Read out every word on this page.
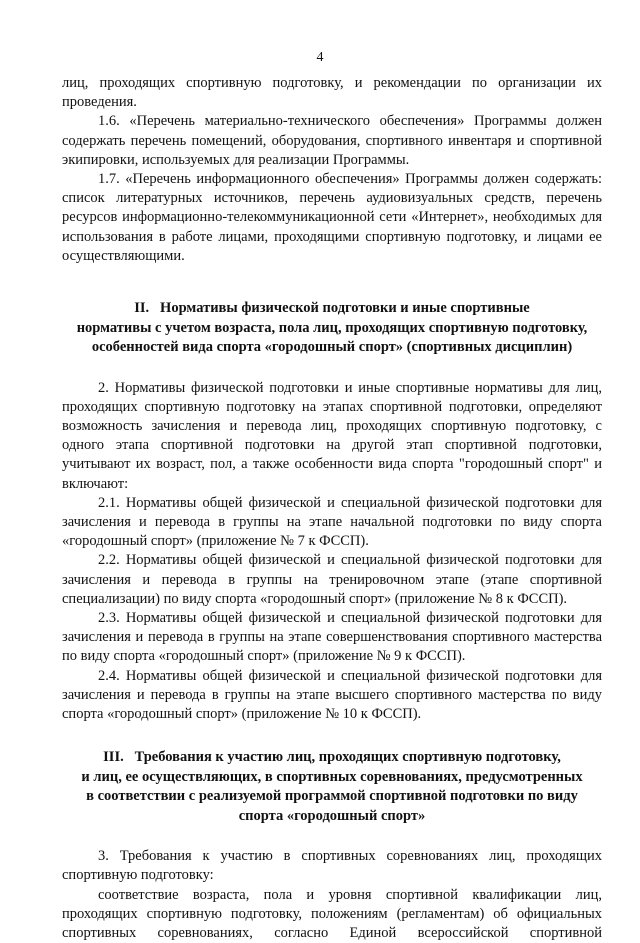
4

лиц, проходящих спортивную подготовку, и рекомендации по организации их проведения.

1.6. «Перечень материально-технического обеспечения» Программы должен содержать перечень помещений, оборудования, спортивного инвентаря и спортивной экипировки, используемых для реализации Программы.

1.7. «Перечень информационного обеспечения» Программы должен содержать: список литературных источников, перечень аудиовизуальных средств, перечень ресурсов информационно-телекоммуникационной сети «Интернет», необходимых для использования в работе лицами, проходящими спортивную подготовку, и лицами ее осуществляющими.

II.   Нормативы физической подготовки и иные спортивные

нормативы с учетом возраста, пола лиц, проходящих спортивную подготовку,

особенностей вида спорта «городошный спорт» (спортивных дисциплин)

2. Нормативы физической подготовки и иные спортивные нормативы для лиц, проходящих спортивную подготовку на этапах спортивной подготовки, определяют возможность зачисления и перевода лиц, проходящих спортивную подготовку, с одного этапа спортивной подготовки на другой этап спортивной подготовки, учитывают их возраст, пол, а также особенности вида спорта "городошный спорт" и включают:

2.1. Нормативы общей физической и специальной физической подготовки для зачисления и перевода в группы на этапе начальной подготовки по виду спорта «городошный спорт» (приложение № 7 к ФССП).

2.2. Нормативы общей физической и специальной физической подготовки для зачисления и перевода в группы на тренировочном этапе (этапе спортивной специализации) по виду спорта «городошный спорт» (приложение № 8 к ФССП).

2.3. Нормативы общей физической и специальной физической подготовки для зачисления и перевода в группы на этапе совершенствования спортивного мастерства по виду спорта «городошный спорт» (приложение № 9 к ФССП).

2.4. Нормативы общей физической и специальной физической подготовки для зачисления и перевода в группы на этапе высшего спортивного мастерства по виду спорта «городошный спорт» (приложение № 10 к ФССП).

III.   Требования к участию лиц, проходящих спортивную подготовку,

и лиц, ее осуществляющих, в спортивных соревнованиях, предусмотренных

в соответствии с реализуемой программой спортивной подготовки по виду

спорта «городошный спорт»

3. Требования к участию в спортивных соревнованиях лиц, проходящих спортивную подготовку:

соответствие возраста, пола и уровня спортивной квалификации лиц, проходящих спортивную подготовку, положениям (регламентам) об официальных спортивных соревнованиях, согласно Единой всероссийской спортивной
